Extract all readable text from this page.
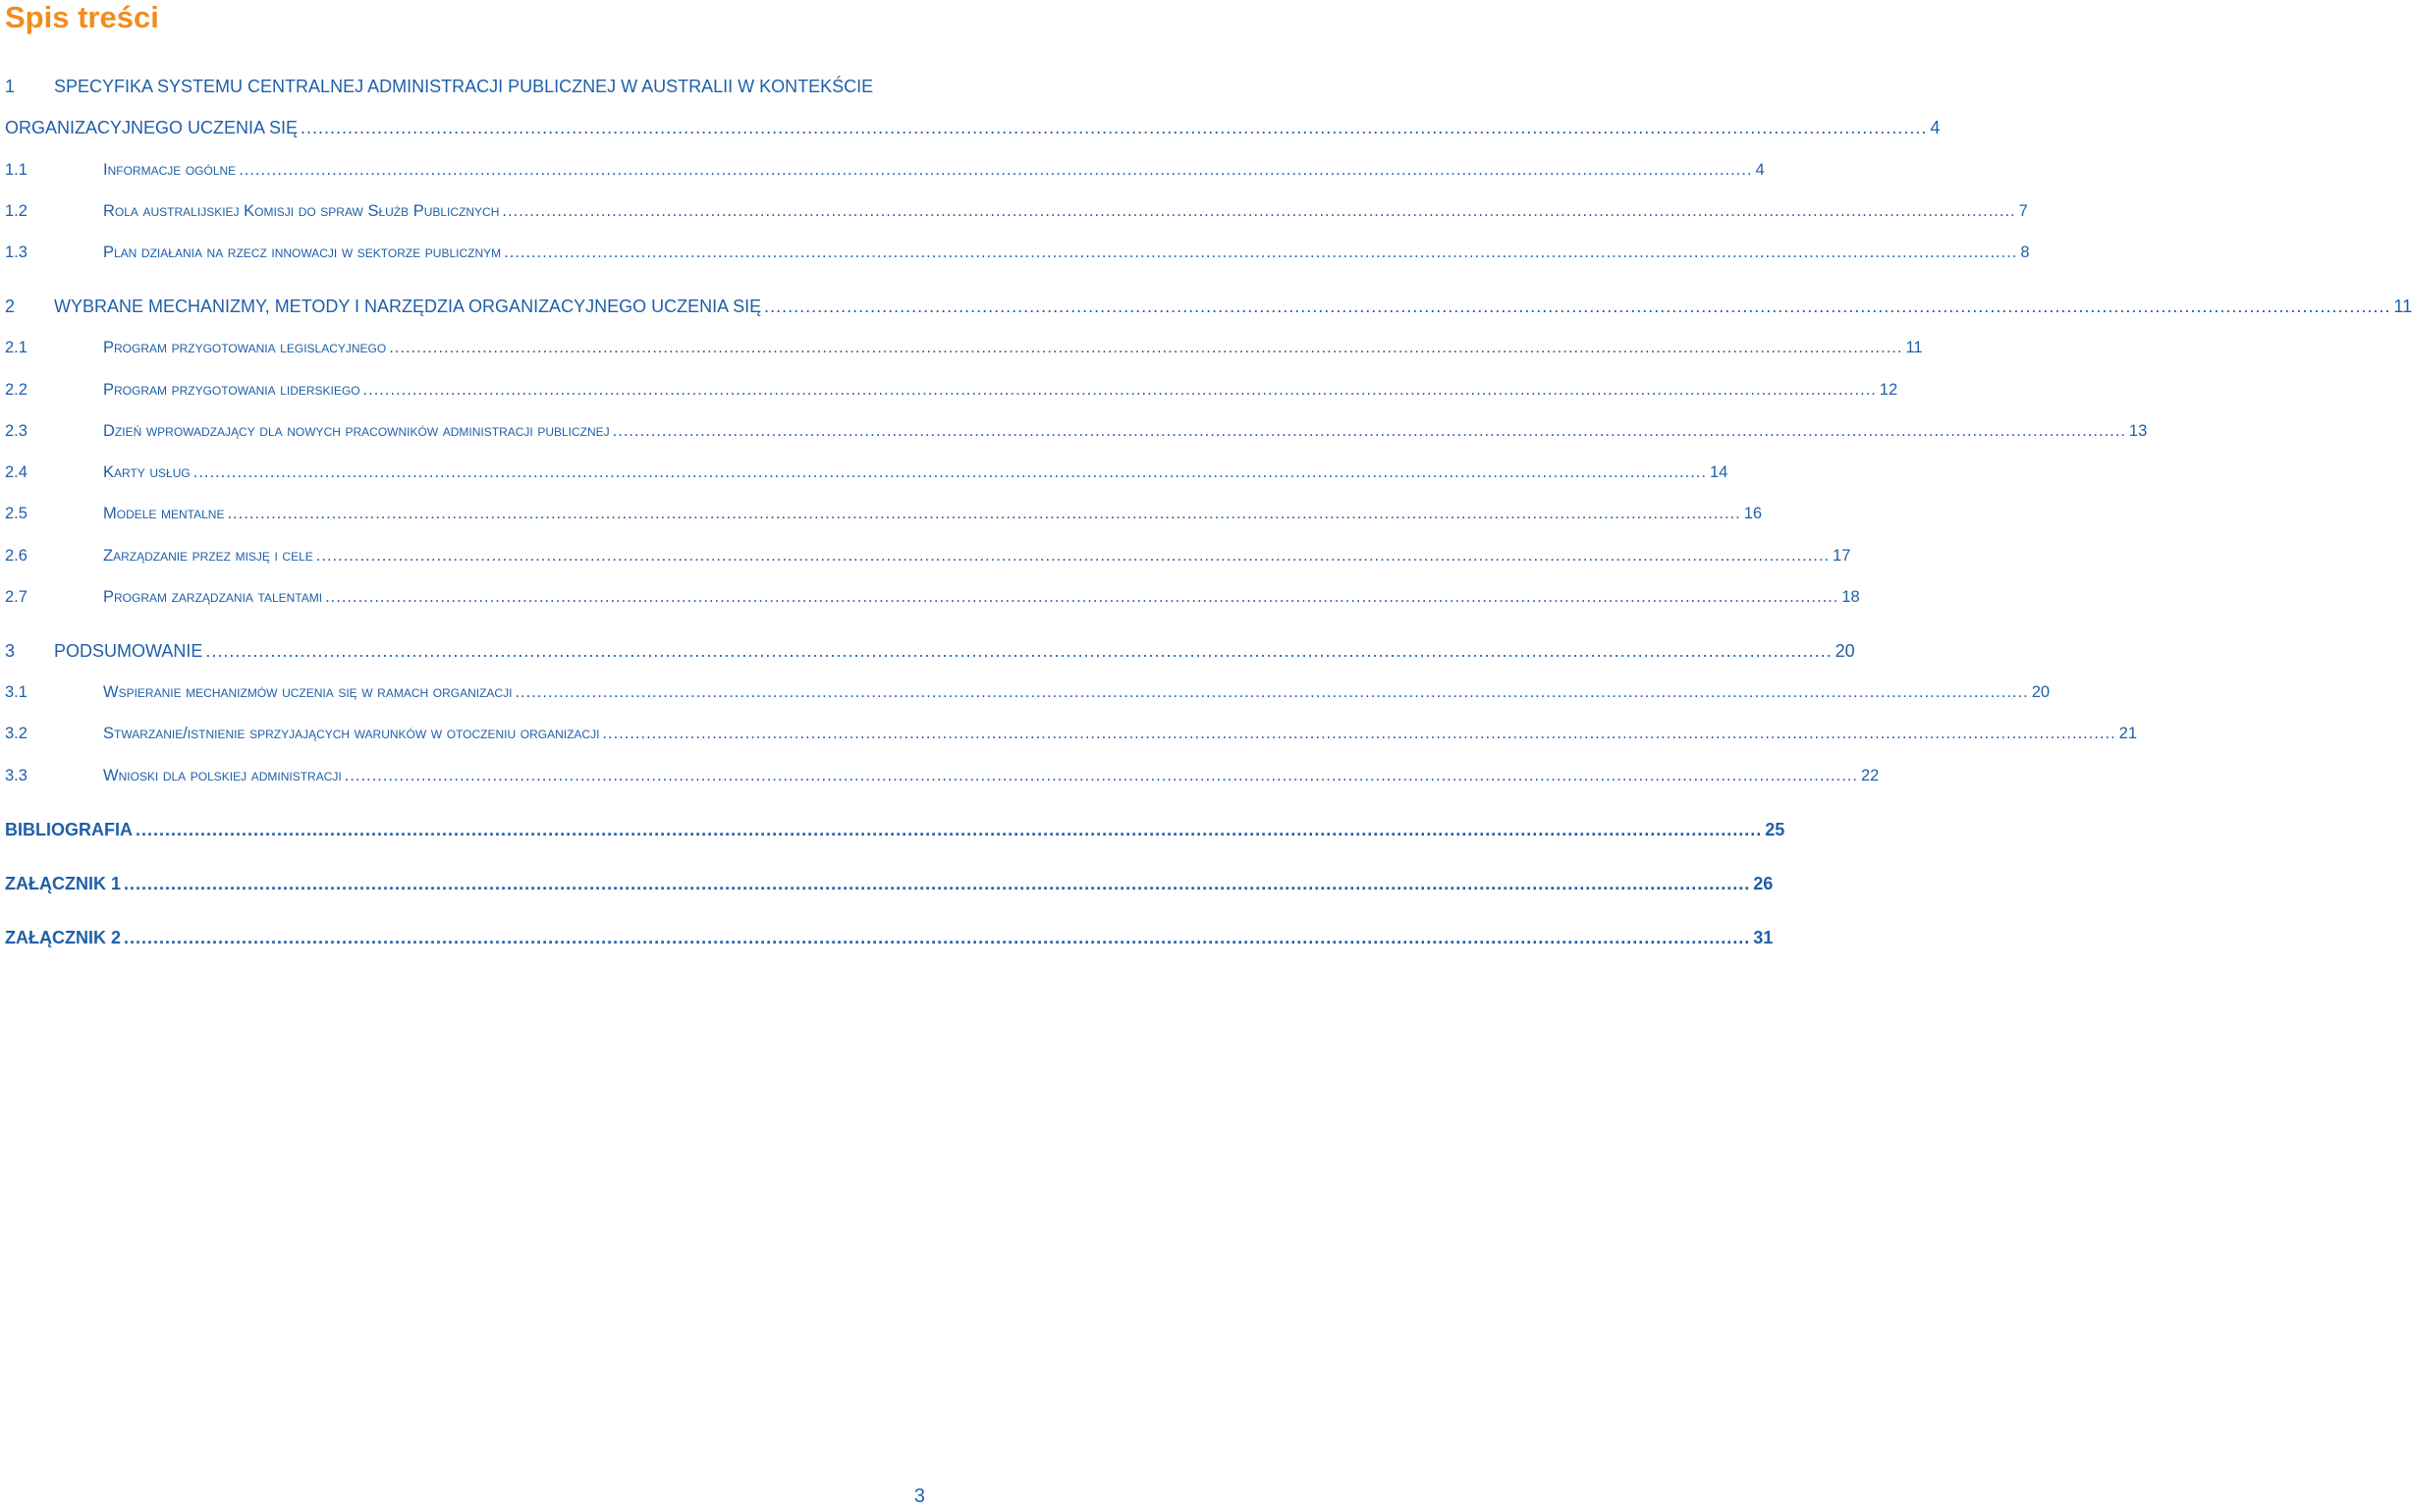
Spis treści
1 SPECYFIKA SYSTEMU CENTRALNEJ ADMINISTRACJI PUBLICZNEJ W AUSTRALII W KONTEKŚCIE
ORGANIZACYJNEGO UCZENIA SIĘ .....	4
1.1	Informacje ogólne .....	4
1.2	Rola australijskiej Komisji do spraw Służb Publicznych .....	7
1.3	Plan działania na rzecz innowacji w sektorze publicznym .....	8
2	WYBRANE MECHANIZMY, METODY I NARZĘDZIA ORGANIZACYJNEGO UCZENIA SIĘ .....	11
2.1	Program przygotowania legislacyjnego .....	11
2.2	Program przygotowania liderskiego .....	12
2.3	Dzień wprowadzający dla nowych pracowników administracji publicznej .....	13
2.4	Karty usług .....	14
2.5	Modele mentalne .....	16
2.6	Zarządzanie przez misję i cele .....	17
2.7	Program zarządzania talentami .....	18
3	PODSUMOWANIE .....	20
3.1	Wspieranie mechanizmów uczenia się w ramach organizacji .....	20
3.2	Stwarzanie/istnienie sprzyjających warunków w otoczeniu organizacji .....	21
3.3	Wnioski dla polskiej administracji .....	22
BIBLIOGRAFIA .....	25
ZAŁĄCZNIK 1 .....	26
ZAŁĄCZNIK 2 .....	31
3
